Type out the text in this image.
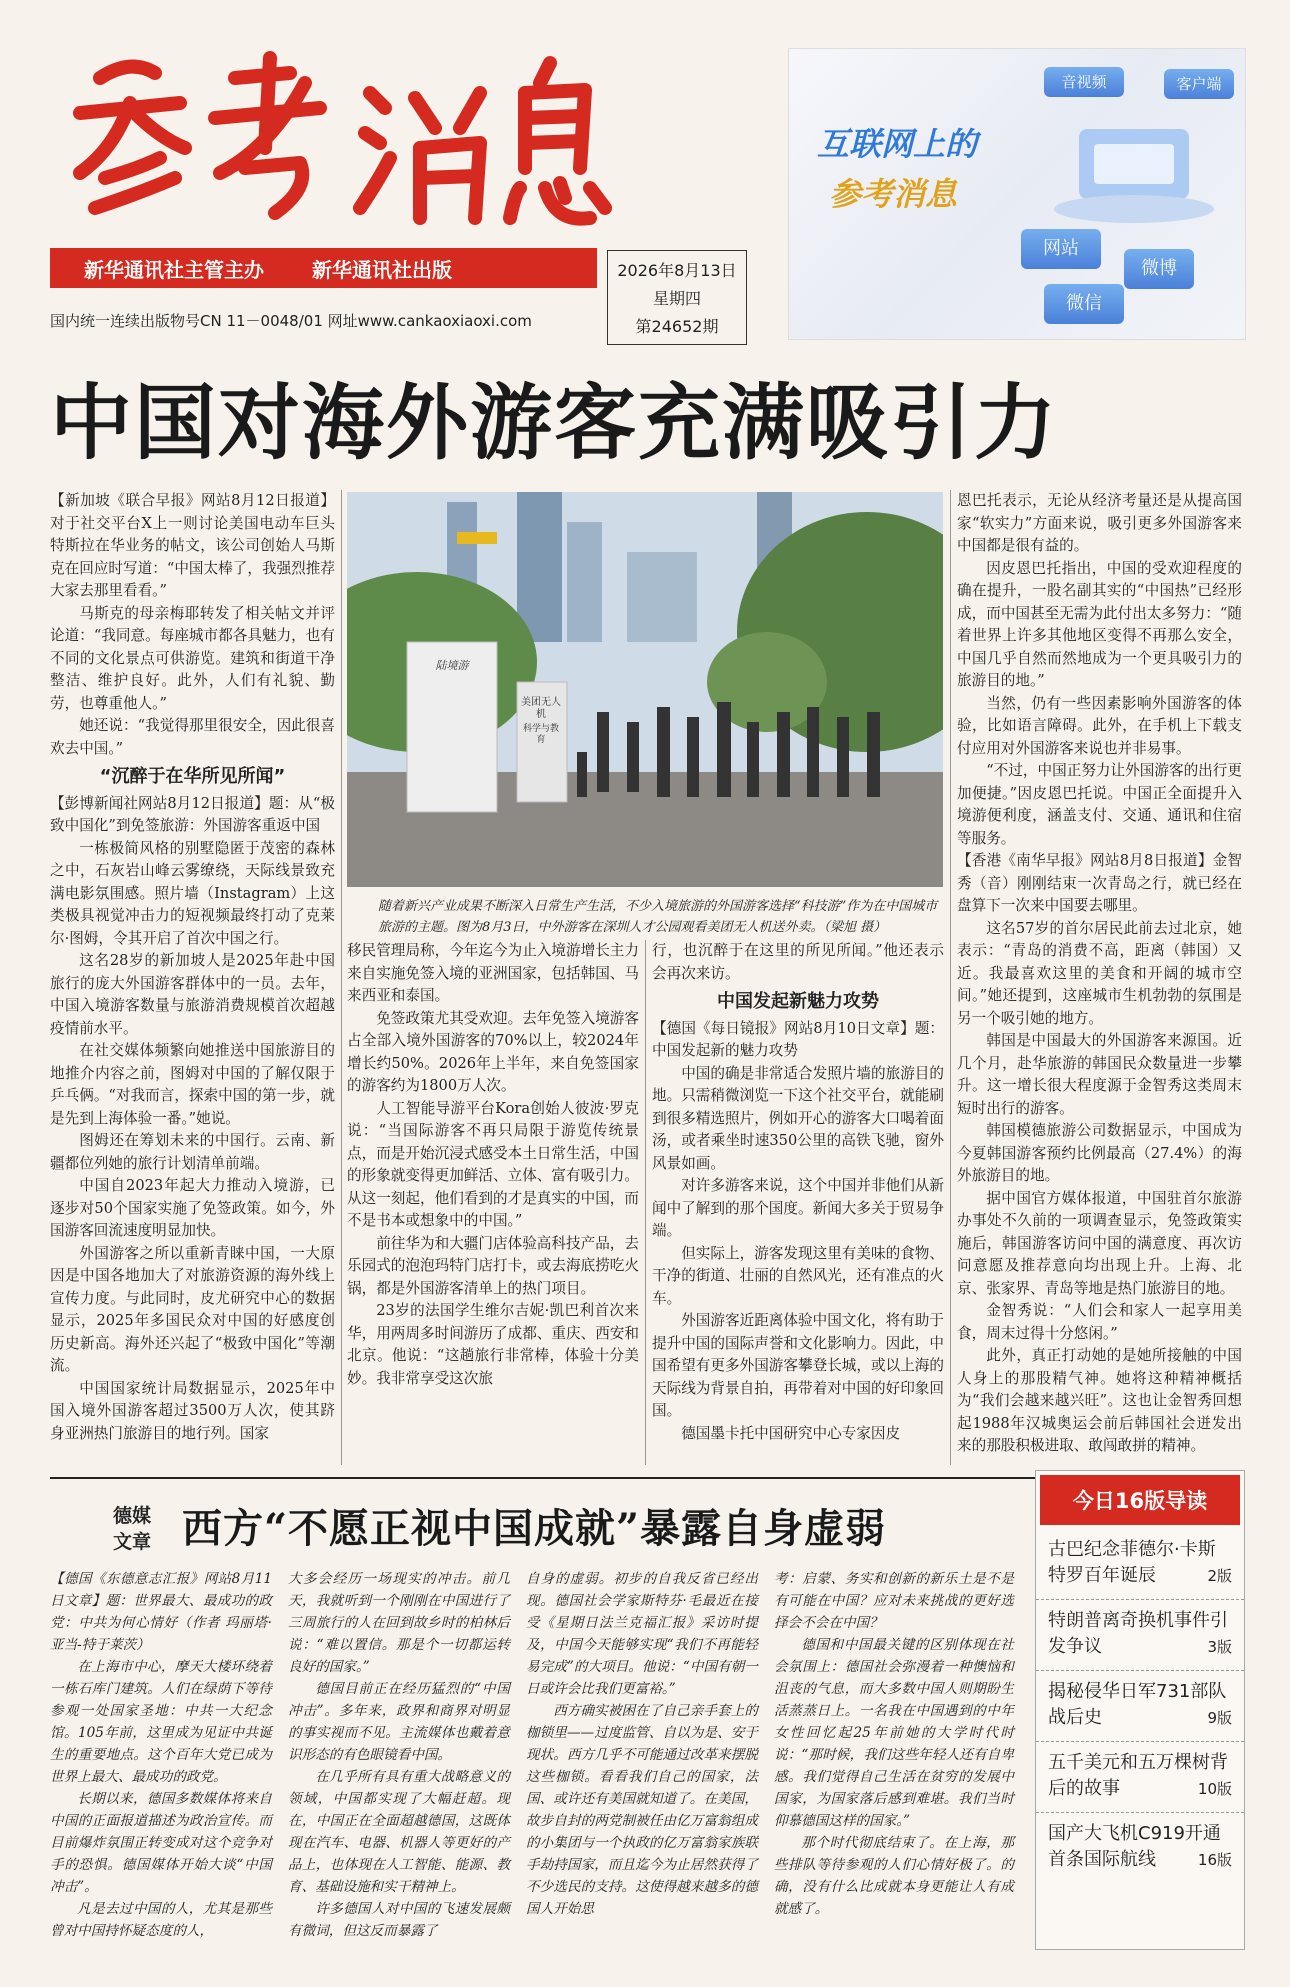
新华通讯社主管主办 新华通讯社出版
国内统一连续出版物号CN 11－0048/01 网址www.cankaoxiaoxi.com
2026年8月13日
星期四
第24652期
音视频	客户端
网站
微博
微信
互联网上的
参考消息
中国对海外游客充满吸引力

【新加坡《联合早报》网站8月12日报道】对于社交平台X上一则讨论美国电动车巨头特斯拉在华业务的帖文，该公司创始人马斯克在回应时写道：“中国太棒了，我强烈推荐大家去那里看看。”

马斯克的母亲梅耶转发了相关帖文并评论道：“我同意。每座城市都各具魅力，也有不同的文化景点可供游览。建筑和街道干净整洁、维护良好。此外，人们有礼貌、勤劳，也尊重他人。”

她还说：“我觉得那里很安全，因此很喜欢去中国。”

“沉醉于在华所见所闻”

【彭博新闻社网站8月12日报道】题：从“极致中国化”到免签旅游：外国游客重返中国

一栋极简风格的别墅隐匿于茂密的森林之中，石灰岩山峰云雾缭绕，天际线景致充满电影氛围感。照片墙（Instagram）上这类极具视觉冲击力的短视频最终打动了克莱尔·图姆，令其开启了首次中国之行。

这名28岁的新加坡人是2025年赴中国旅行的庞大外国游客群体中的一员。去年，中国入境游客数量与旅游消费规模首次超越疫情前水平。

在社交媒体频繁向她推送中国旅游目的地推介内容之前，图姆对中国的了解仅限于乒乓俩。“对我而言，探索中国的第一步，就是先到上海体验一番。”她说。

图姆还在筹划未来的中国行。云南、新疆都位列她的旅行计划清单前端。

中国自2023年起大力推动入境游，已逐步对50个国家实施了免签政策。如今，外国游客回流速度明显加快。

外国游客之所以重新青睐中国，一大原因是中国各地加大了对旅游资源的海外线上宣传力度。与此同时，皮尤研究中心的数据显示，2025年多国民众对中国的好感度创历史新高。海外还兴起了“极致中国化”等潮流。

中国国家统计局数据显示，2025年中国入境外国游客超过3500万人次，使其跻身亚洲热门旅游目的地行列。国家

美团无人机
科学与教育
陆境游
随着新兴产业成果不断深入日常生产生活，不少入境旅游的外国游客选择“科技游”作为在中国城市旅游的主题。图为8月3日，中外游客在深圳人才公园观看美团无人机送外卖。（梁旭 摄）

移民管理局称，今年迄今为止入境游增长主力来自实施免签入境的亚洲国家，包括韩国、马来西亚和泰国。

免签政策尤其受欢迎。去年免签入境游客占全部入境外国游客的70%以上，较2024年增长约50%。2026年上半年，来自免签国家的游客约为1800万人次。

人工智能导游平台Kora创始人彼波·罗克说：“当国际游客不再只局限于游览传统景点，而是开始沉浸式感受本土日常生活，中国的形象就变得更加鲜活、立体、富有吸引力。从这一刻起，他们看到的才是真实的中国，而不是书本或想象中的中国。”

前往华为和大疆门店体验高科技产品，去乐园式的泡泡玛特门店打卡，或去海底捞吃火锅，都是外国游客清单上的热门项目。

23岁的法国学生维尔吉妮·凯巴利首次来华，用两周多时间游历了成都、重庆、西安和北京。他说：“这趟旅行非常棒，体验十分美妙。我非常享受这次旅

行，也沉醉于在这里的所见所闻。”他还表示会再次来访。

中国发起新魅力攻势

【德国《每日镜报》网站8月10日文章】题：中国发起新的魅力攻势

中国的确是非常适合发照片墙的旅游目的地。只需稍微浏览一下这个社交平台，就能刷到很多精选照片，例如开心的游客大口喝着面汤，或者乘坐时速350公里的高铁飞驰，窗外风景如画。

对许多游客来说，这个中国并非他们从新闻中了解到的那个国度。新闻大多关于贸易争端。

但实际上，游客发现这里有美味的食物、干净的街道、壮丽的自然风光，还有准点的火车。

外国游客近距离体验中国文化，将有助于提升中国的国际声誉和文化影响力。因此，中国希望有更多外国游客攀登长城，或以上海的天际线为背景自拍，再带着对中国的好印象回国。

德国墨卡托中国研究中心专家因皮

恩巴托表示，无论从经济考量还是从提高国家“软实力”方面来说，吸引更多外国游客来中国都是很有益的。

因皮恩巴托指出，中国的受欢迎程度的确在提升，一股名副其实的“中国热”已经形成，而中国甚至无需为此付出太多努力：“随着世界上许多其他地区变得不再那么安全，中国几乎自然而然地成为一个更具吸引力的旅游目的地。”

当然，仍有一些因素影响外国游客的体验，比如语言障碍。此外，在手机上下载支付应用对外国游客来说也并非易事。

“不过，中国正努力让外国游客的出行更加便捷。”因皮恩巴托说。中国正全面提升入境游便利度，涵盖支付、交通、通讯和住宿等服务。

【香港《南华早报》网站8月8日报道】金智秀（音）刚刚结束一次青岛之行，就已经在盘算下一次来中国要去哪里。

这名57岁的首尔居民此前去过北京，她表示：“青岛的消费不高，距离（韩国）又近。我最喜欢这里的美食和开阔的城市空间。”她还提到，这座城市生机勃勃的氛围是另一个吸引她的地方。

韩国是中国最大的外国游客来源国。近几个月，赴华旅游的韩国民众数量进一步攀升。这一增长很大程度源于金智秀这类周末短时出行的游客。

韩国模德旅游公司数据显示，中国成为今夏韩国游客预约比例最高（27.4%）的海外旅游目的地。

据中国官方媒体报道，中国驻首尔旅游办事处不久前的一项调查显示，免签政策实施后，韩国游客访问中国的满意度、再次访问意愿及推荐意向均出现上升。上海、北京、张家界、青岛等地是热门旅游目的地。

金智秀说：“人们会和家人一起享用美食，周末过得十分悠闲。”

此外，真正打动她的是她所接触的中国人身上的那股精气神。她将这种精神概括为“我们会越来越兴旺”。这也让金智秀回想起1988年汉城奥运会前后韩国社会迸发出来的那股积极进取、敢闯敢拼的精神。

德媒文章 西方“不愿正视中国成就”暴露自身虚弱

【德国《东德意志汇报》网站8月11日文章】题：世界最大、最成功的政党：中共为何心情好（作者 玛丽塔·亚当-特于莱茨）

在上海市中心，摩天大楼环绕着一栋石库门建筑。人们在绿荫下等待参观一处国家圣地：中共一大纪念馆。105年前，这里成为见证中共诞生的重要地点。这个百年大党已成为世界上最大、最成功的政党。

长期以来，德国多数媒体将来自中国的正面报道描述为政治宣传。而目前爆炸氛围正转变成对这个竞争对手的恐惧。德国媒体开始大谈“中国冲击”。

凡是去过中国的人，尤其是那些曾对中国持怀疑态度的人，

大多会经历一场现实的冲击。前几天，我就听到一个刚刚在中国进行了三周旅行的人在回到故乡时的柏林后说：“难以置信。那是个一切都运转良好的国家。”

德国目前正在经历猛烈的“中国冲击”。多年来，政界和商界对明显的事实视而不见。主流媒体也戴着意识形态的有色眼镜看中国。

在几乎所有具有重大战略意义的领域，中国都实现了大幅赶超。现在，中国正在全面超越德国，这既体现在汽车、电器、机器人等更好的产品上，也体现在人工智能、能源、教育、基础设施和实干精神上。

许多德国人对中国的飞速发展颇有微词，但这反而暴露了

自身的虚弱。初步的自我反省已经出现。德国社会学家斯特芬·毛最近在接受《星期日法兰克福汇报》采访时提及，中国今天能够实现“我们不再能轻易完成”的大项目。他说：“中国有朝一日或许会比我们更富裕。”

西方确实被困在了自己亲手套上的枷锁里——过度监管、自以为是、安于现状。西方几乎不可能通过改革来摆脱这些枷锁。看看我们自己的国家，法国、或许还有美国就知道了。在美国，故步自封的两党制被任由亿万富翁组成的小集团与一个执政的亿万富翁家族联手劫持国家，而且迄今为止居然获得了不少选民的支持。这使得越来越多的德国人开始思

考：启蒙、务实和创新的新乐土是不是有可能在中国？应对未来挑战的更好选择会不会在中国？

德国和中国最关键的区别体现在社会氛围上：德国社会弥漫着一种懊恼和沮丧的气息，而大多数中国人则期盼生活蒸蒸日上。一名我在中国遇到的中年女性回忆起25年前她的大学时代时说：“那时候，我们这些年轻人还有自卑感。我们觉得自己生活在贫穷的发展中国家，为国家落后感到难堪。我们当时仰慕德国这样的国家。”

那个时代彻底结束了。在上海，那些排队等待参观的人们心情好极了。的确，没有什么比成就本身更能让人有成就感了。

今日16版导读
古巴纪念菲德尔·卡斯特罗百年诞辰	2版
特朗普离奇换机事件引发争议	3版
揭秘侵华日军731部队战后史	9版
五千美元和五万棵树背后的故事	10版
国产大飞机C919开通首条国际航线	16版
